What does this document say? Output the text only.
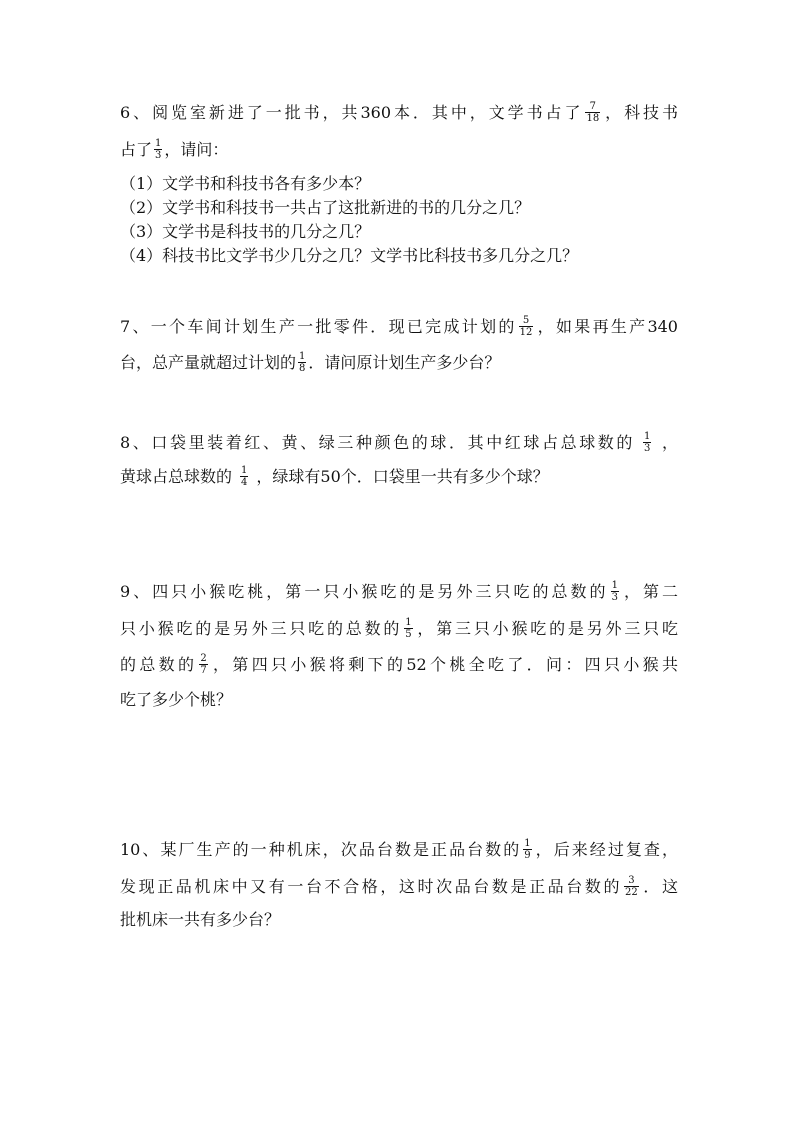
6、阅览室新进了一批书，共360本．其中，文学书占了 $\frac{7}{18}$ ，科技书
占了 $\frac{1}{3}$ ，请问：
（1）文学书和科技书各有多少本？
（2）文学书和科技书一共占了这批新进的书的几分之几？
（3）文学书是科技书的几分之几？
（4）科技书比文学书少几分之几？文学书比科技书多几分之几？
7、一个车间计划生产一批零件．现已完成计划的 $\frac{5}{12}$ ，如果再生产340
台，总产量就超过计划的 $\frac{1}{8}$ ．请问原计划生产多少台？
8、口袋里装着红、黄、绿三种颜色的球．其中红球占总球数的 $\frac{1}{3}$ ，
黄球占总球数的 $\frac{1}{4}$ ，绿球有50个．口袋里一共有多少个球？
9、四只小猴吃桃，第一只小猴吃的是另外三只吃的总数的 $\frac{1}{3}$ ，第二
只小猴吃的是另外三只吃的总数的 $\frac{1}{5}$ ，第三只小猴吃的是另外三只吃
的总数的 $\frac{2}{7}$ ，第四只小猴将剩下的52个桃全吃了．问：四只小猴共
吃了多少个桃？
10、某厂生产的一种机床，次品台数是正品台数的 $\frac{1}{9}$ ，后来经过复查，
发现正品机床中又有一台不合格，这时次品台数是正品台数的 $\frac{3}{22}$ ．这
批机床一共有多少台？
